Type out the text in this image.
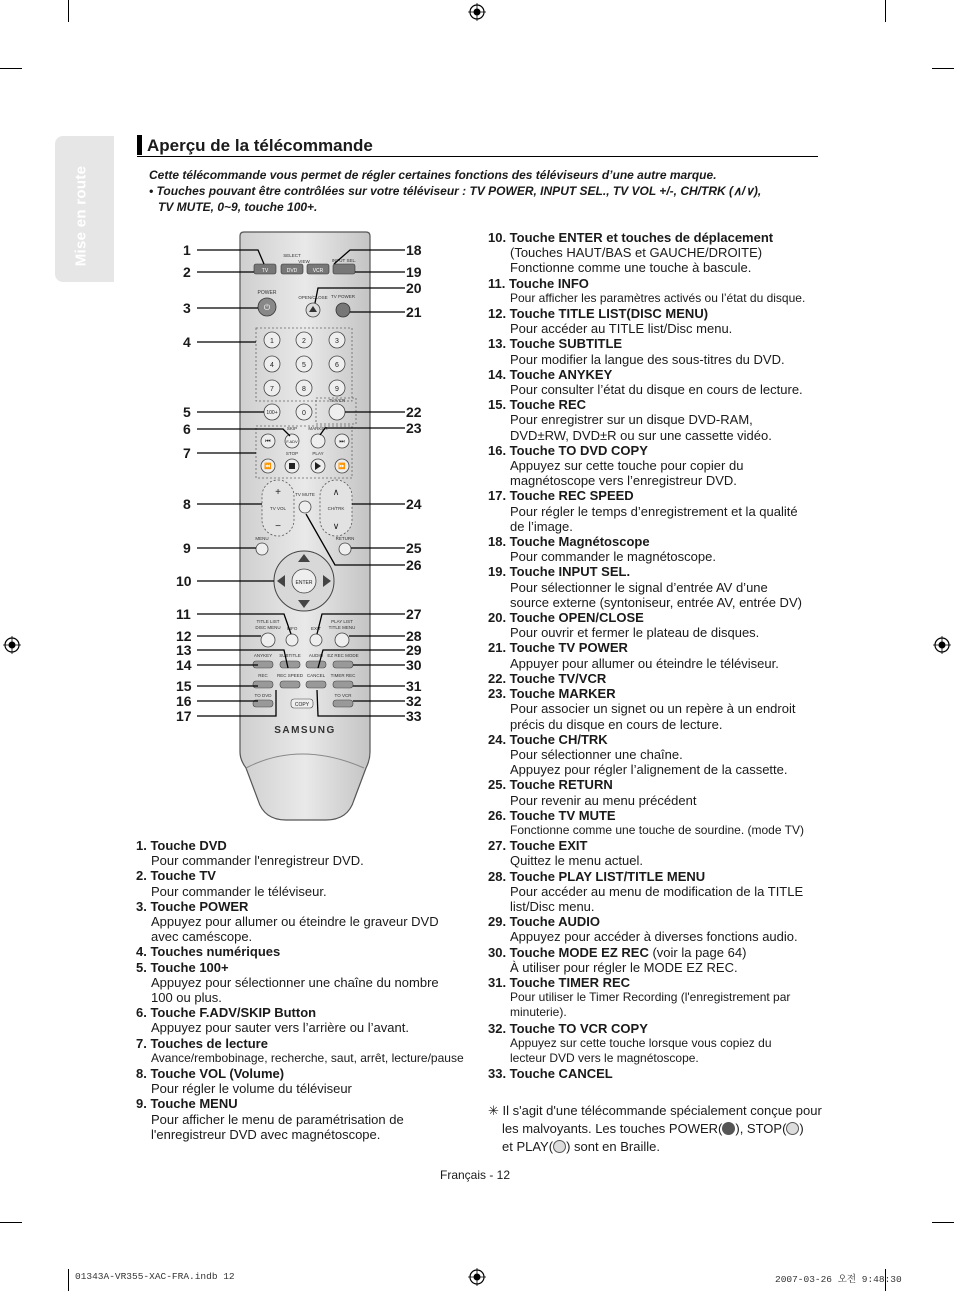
Mise en route
Aperçu de la télécommande
Cette télécommande vous permet de régler certaines fonctions des téléviseurs d’une autre marque.
• Touches pouvant être contrôlées sur votre téléviseur : TV POWER, INPUT SEL., TV VOL +/-, CH/TRK (∧/∨),
TV MUTE, 0~9, touche 100+.
1
2
3
4
5
6
7
8
9
10
11
12
13
14
15
16
17
18
19
20
21
22
23
24
25
26
27
28
29
30
31
32
33
TV	DVD	VCR
SELECT
VIEW	INPUT SEL.
POWER
⏻
OPEN/CLOSE TV POWER
1	2	3
4	5	6
7	8	9
100+	0
TV/VCR
SKIP MARKER
⏮	F.ADV	⏭
STOP	PLAY
⏪	⏩
+
−
TV VOL
∧
∨
CH/TRK
TV MUTE
MENU	RETURN
ENTER
TITLE LIST
DISC MENU INFO	EXIT
PLAY LIST
TITLE MENU
ANYKEY SUBTITLE AUDIO EZ REC MODE
REC REC SPEED CANCEL TIMER REC
TO DVD	TO VCR
COPY
SAMSUNG
1. Touche DVD
Pour commander l'enregistreur DVD.
2. Touche TV
Pour commander le téléviseur.
3. Touche POWER
Appuyez pour allumer ou éteindre le graveur DVD
avec caméscope.
4. Touches numériques
5. Touche 100+
Appuyez pour sélectionner une chaîne du nombre
100 ou plus.
6. Touche F.ADV/SKIP Button
Appuyez pour sauter vers l’arrière ou l’avant.
7. Touches de lecture
Avance/rembobinage, recherche, saut, arrêt, lecture/pause
8. Touche VOL (Volume)
Pour régler le volume du téléviseur
9. Touche MENU
Pour afficher le menu de paramétrisation de
l'enregistreur DVD avec magnétoscope.
10. Touche ENTER et touches de déplacement
(Touches HAUT/BAS et GAUCHE/DROITE)
Fonctionne comme une touche à bascule.
11. Touche INFO
Pour afficher les paramètres activés ou l’état du disque.
12. Touche TITLE LIST(DISC MENU)
Pour accéder au TITLE list/Disc menu.
13. Touche SUBTITLE
Pour modifier la langue des sous-titres du DVD.
14. Touche ANYKEY
Pour consulter l’état du disque en cours de lecture.
15. Touche REC
Pour enregistrer sur un disque DVD-RAM,
DVD±RW, DVD±R ou sur une cassette vidéo.
16. Touche TO DVD COPY
Appuyez sur cette touche pour copier du
magnétoscope vers l’enregistreur DVD.
17. Touche REC SPEED
Pour régler le temps d’enregistrement et la qualité
de l’image.
18. Touche Magnétoscope
Pour commander le magnétoscope.
19. Touche INPUT SEL.
Pour sélectionner le signal d’entrée AV d’une
source externe (syntoniseur, entrée AV, entrée DV)
20. Touche OPEN/CLOSE
Pour ouvrir et fermer le plateau de disques.
21. Touche TV POWER
Appuyer pour allumer ou éteindre le téléviseur.
22. Touche TV/VCR
23. Touche MARKER
Pour associer un signet ou un repère à un endroit
précis du disque en cours de lecture.
24. Touche CH/TRK
Pour sélectionner une chaîne.
Appuyez pour régler l’alignement de la cassette.
25. Touche RETURN
Pour revenir au menu précédent
26. Touche TV MUTE
Fonctionne comme une touche de sourdine. (mode TV)
27. Touche EXIT
Quittez le menu actuel.
28. Touche PLAY LIST/TITLE MENU
Pour accéder au menu de modification de la TITLE
list/Disc menu.
29. Touche AUDIO
Appuyez pour accéder à diverses fonctions audio.
30. Touche MODE EZ REC (voir la page 64)
À utiliser pour régler le MODE EZ REC.
31. Touche TIMER REC
Pour utiliser le Timer Recording (l'enregistrement par
minuterie).
32. Touche TO VCR COPY
Appuyez sur cette touche lorsque vous copiez du
lecteur DVD vers le magnétoscope.
33. Touche CANCEL
✳ Il s'agit d'une télécommande spécialement conçue pour
les malvoyants. Les touches POWER( ), STOP( )
et PLAY( ) sont en Braille.
Français - 12
01343A-VR355-XAC-FRA.indb 12	2007-03-26 오전 9:48:30
